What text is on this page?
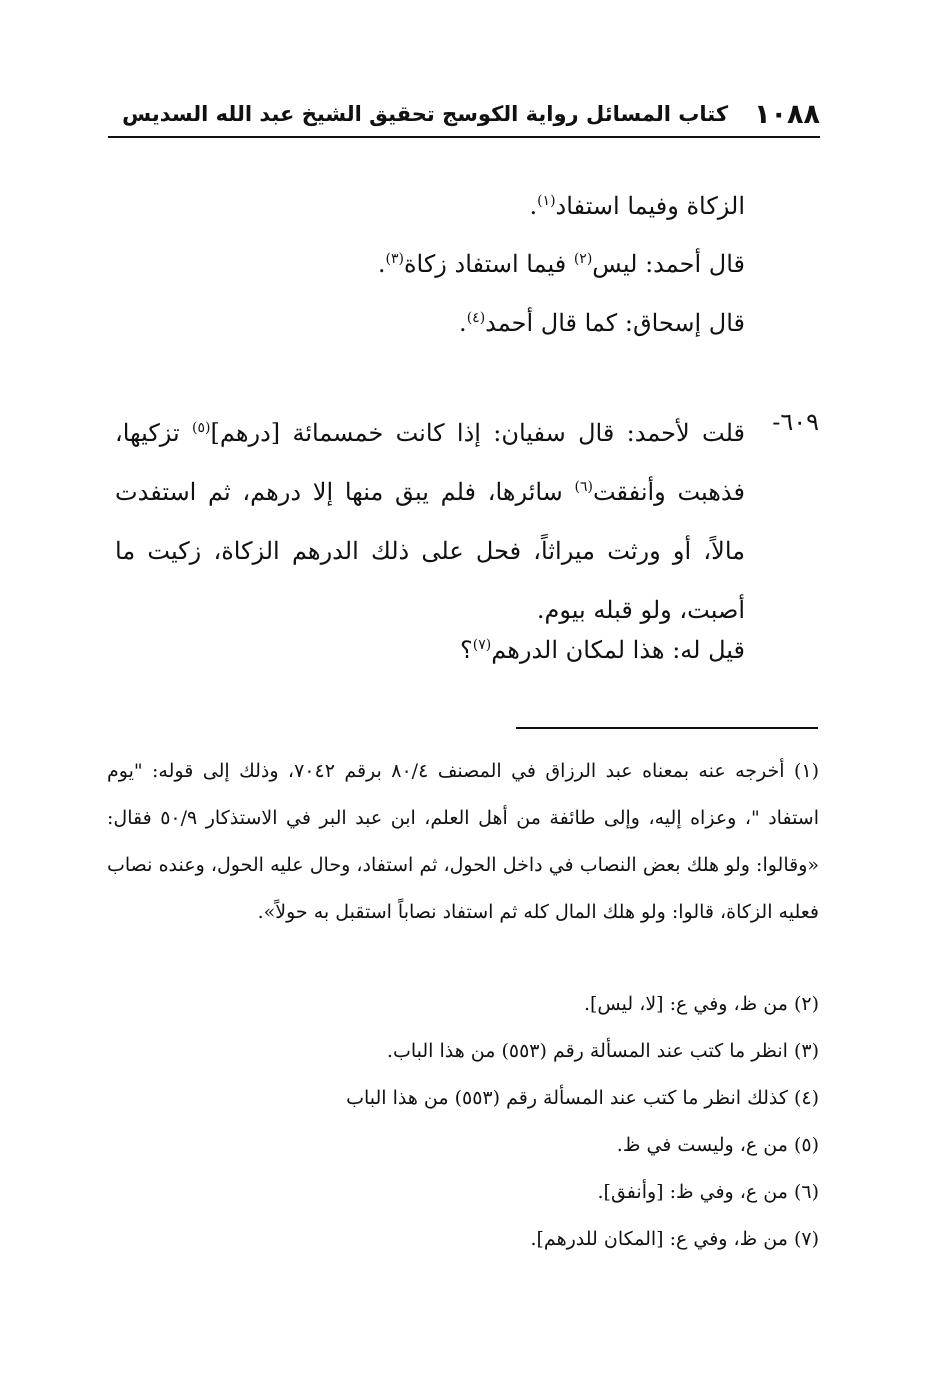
١٠٨٨
كتاب المسائل رواية الكوسج تحقيق الشيخ عبد الله السديس
الزكاة وفيما استفاد$^{(١)}$.
قال أحمد: ليس$^{(٢)}$ فيما استفاد زكاة$^{(٣)}$.
قال إسحاق: كما قال أحمد$^{(٤)}$.
٦٠٩-
قلت لأحمد: قال سفيان: إذا كانت خمسمائة [درهم]$^{(٥)}$ تزكيها، فذهبت وأنفقت$^{(٦)}$ سائرها، فلم يبق منها إلا درهم، ثم استفدت مالاً، أو ورثت ميراثاً، فحل على ذلك الدرهم الزكاة، زكيت ما أصبت، ولو قبله بيوم.
قيل له: هذا لمكان الدرهم$^{(٧)}$؟
(١) أخرجه عنه بمعناه عبد الرزاق في المصنف ٨٠/٤ برقم ٧٠٤٢، وذلك إلى قوله: "يوم استفاد "، وعزاه إليه، وإلى طائفة من أهل العلم، ابن عبد البر في الاستذكار ٥٠/٩ فقال: «وقالوا: ولو هلك بعض النصاب في داخل الحول، ثم استفاد، وحال عليه الحول، وعنده نصاب فعليه الزكاة، قالوا: ولو هلك المال كله ثم استفاد نصاباً استقبل به حولاً».
(٢) من ظ، وفي ع: [لا، ليس].
(٣) انظر ما كتب عند المسألة رقم (٥٥٣) من هذا الباب.
(٤) كذلك انظر ما كتب عند المسألة رقم (٥٥٣) من هذا الباب
(٥) من ع، وليست في ظ.
(٦) من ع، وفي ظ: [وأنفق].
(٧) من ظ، وفي ع: [المكان للدرهم].
